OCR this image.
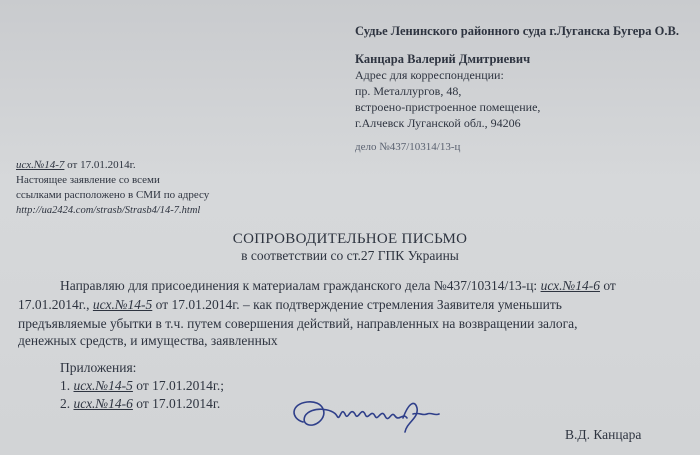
Судье Ленинского районного суда г.Луганска Бугера О.В.
Канцара Валерий Дмитриевич
Адрес для корреспонденции:
пр. Металлургов, 48,
встроено-пристроенное помещение,
г.Алчевск Луганской обл., 94206
дело №437/10314/13-ц
исх.№14-7 от 17.01.2014г.
Настоящее заявление со всеми
ссылками расположено в СМИ по адресу
http://ua2424.com/strasb/Strasb4/14-7.html
СОПРОВОДИТЕЛЬНОЕ ПИСЬМО
в соответствии со ст.27 ГПК Украины
Направляю для присоединения к материалам гражданского дела №437/10314/13-ц: исх.№14-6 от
17.01.2014г., исх.№14-5 от 17.01.2014г. – как подтверждение стремления Заявителя уменьшить
предъявляемые убытки в т.ч. путем совершения действий, направленных на возвращении залога,
денежных средств, и имущества, заявленных
Приложения:
1. исх.№14-5 от 17.01.2014г.;
2. исх.№14-6 от 17.01.2014г.
В.Д. Канцара
